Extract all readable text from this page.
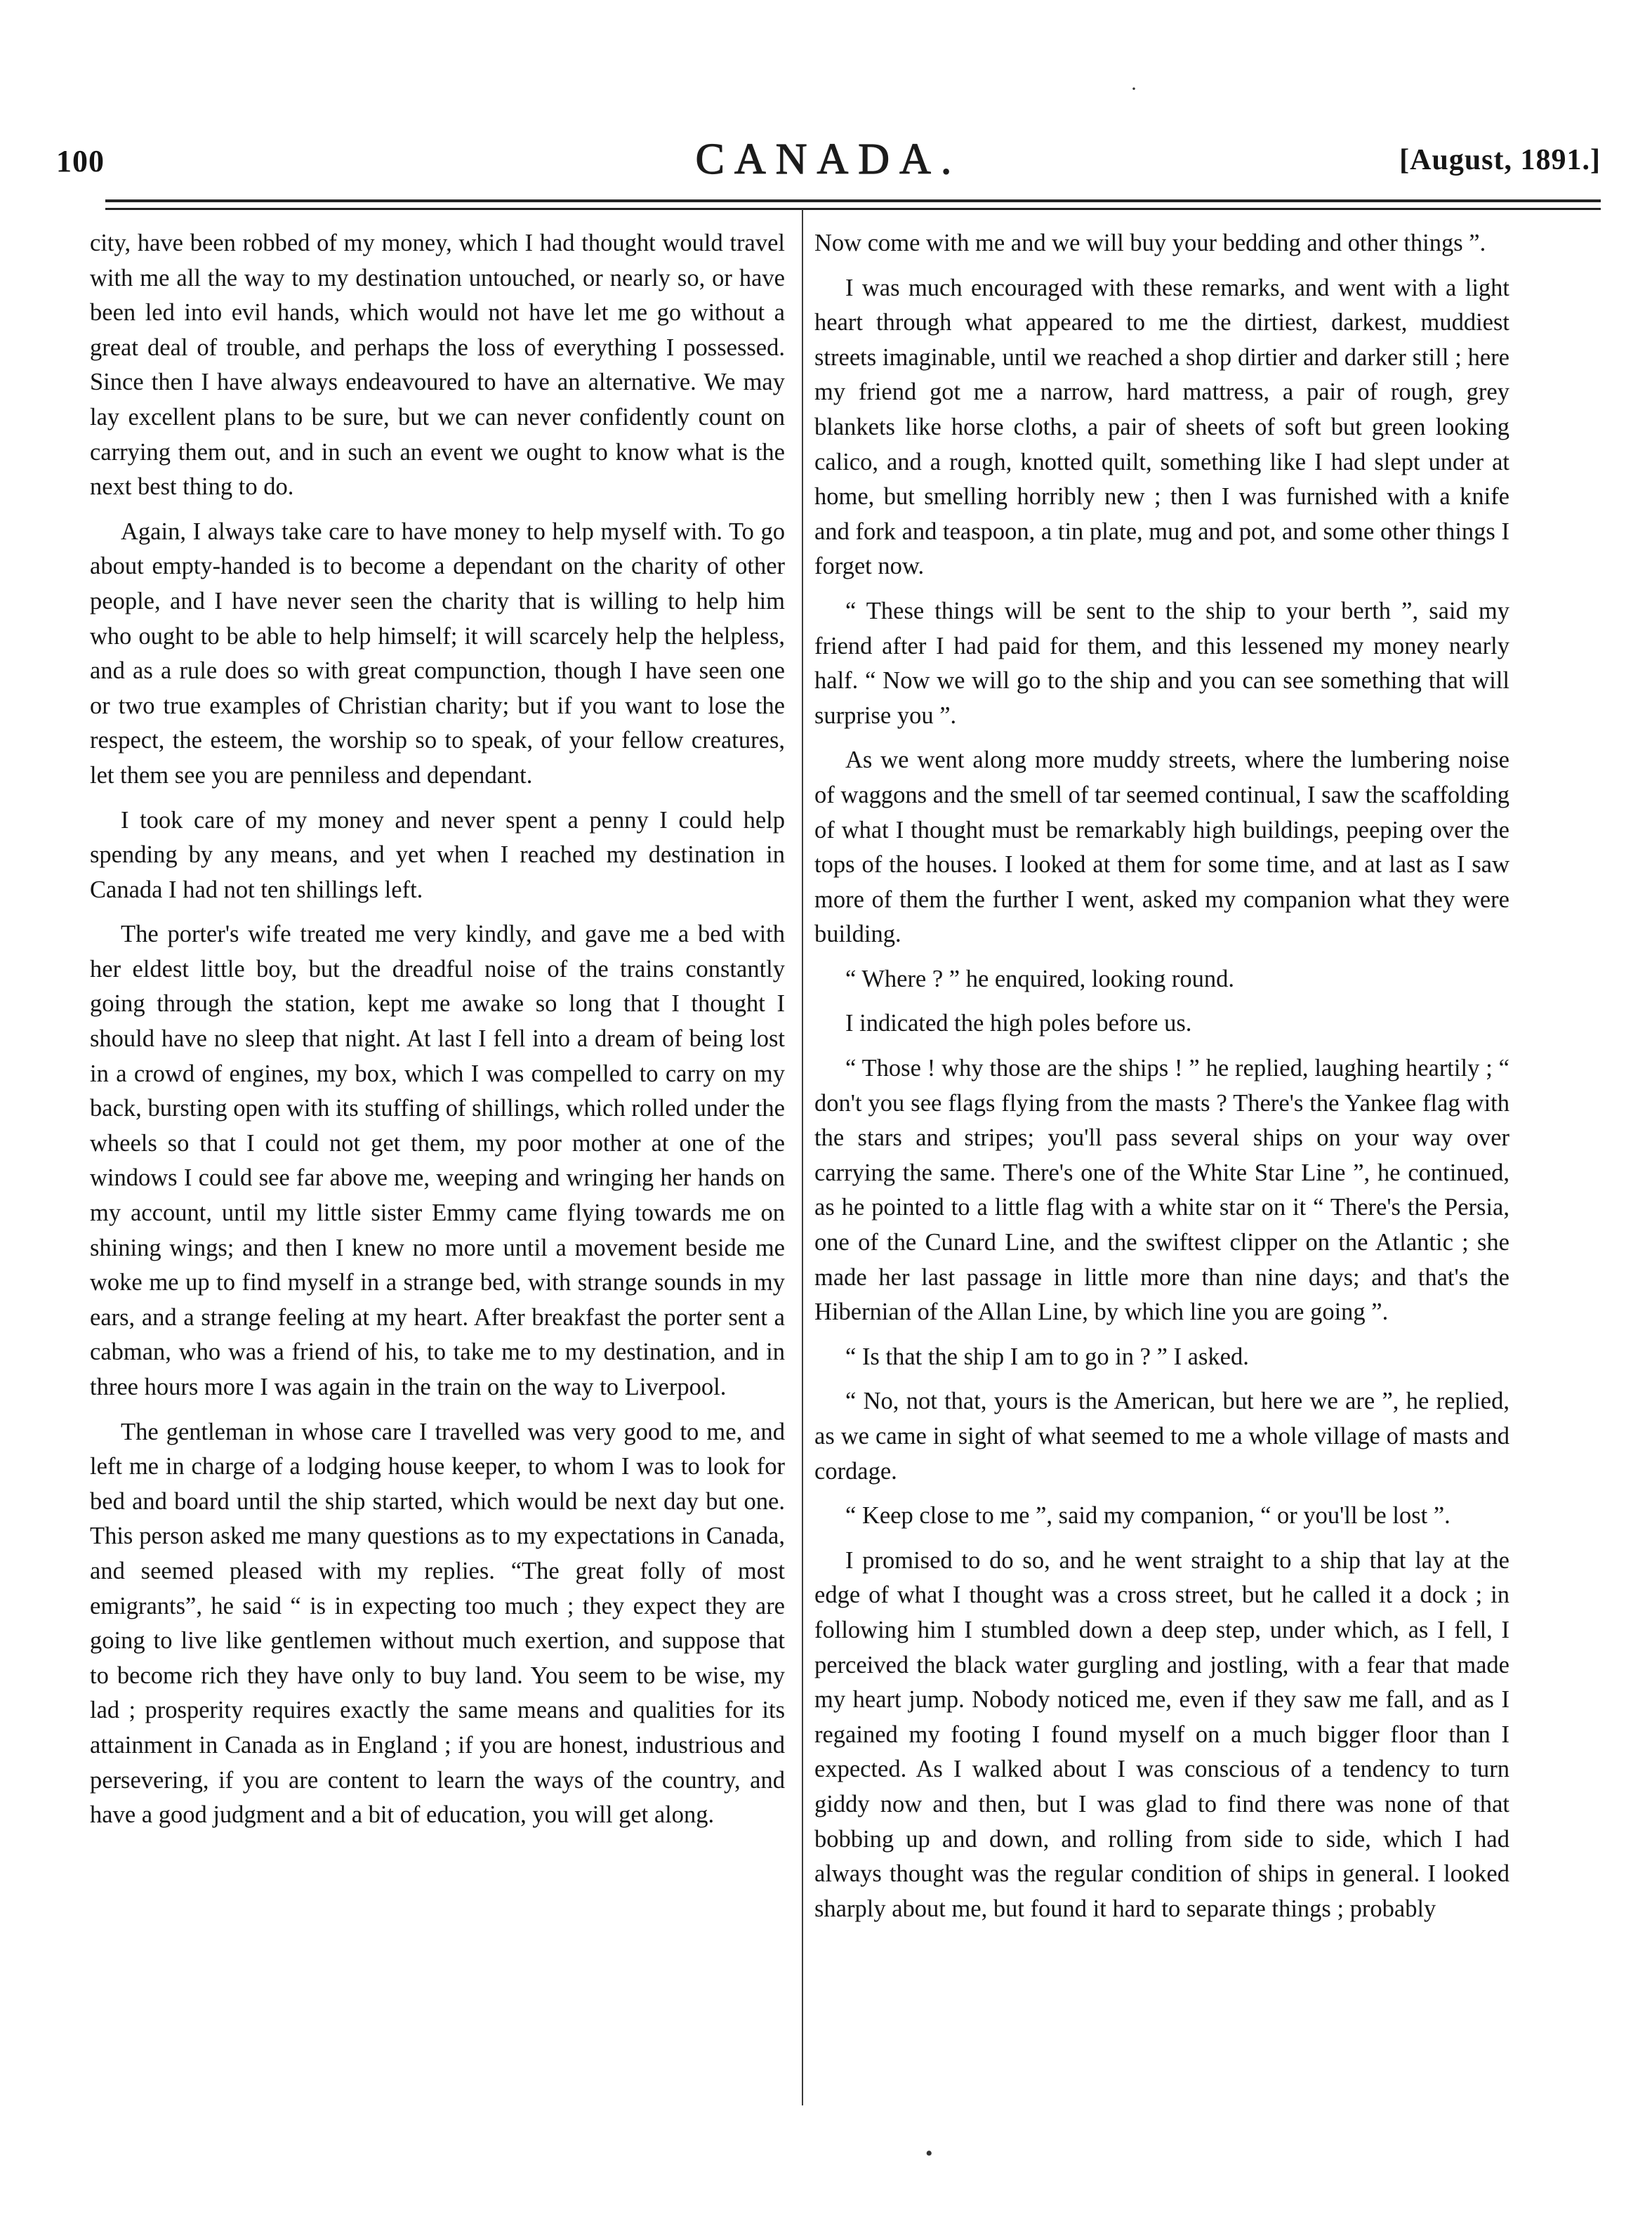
100	CANADA.	[August, 1891.]

city, have been robbed of my money, which I had thought would travel with me all the way to my destination untouched, or nearly so, or have been led into evil hands, which would not have let me go without a great deal of trouble, and perhaps the loss of everything I possessed. Since then I have always endeavoured to have an alternative. We may lay excellent plans to be sure, but we can never confidently count on carrying them out, and in such an event we ought to know what is the next best thing to do.

Again, I always take care to have money to help myself with. To go about empty-handed is to become a dependant on the charity of other people, and I have never seen the charity that is willing to help him who ought to be able to help himself; it will scarcely help the helpless, and as a rule does so with great compunction, though I have seen one or two true examples of Christian charity; but if you want to lose the respect, the esteem, the worship so to speak, of your fellow creatures, let them see you are penniless and dependant.

I took care of my money and never spent a penny I could help spending by any means, and yet when I reached my destination in Canada I had not ten shillings left.

The porter's wife treated me very kindly, and gave me a bed with her eldest little boy, but the dreadful noise of the trains constantly going through the station, kept me awake so long that I thought I should have no sleep that night. At last I fell into a dream of being lost in a crowd of engines, my box, which I was compelled to carry on my back, bursting open with its stuffing of shillings, which rolled under the wheels so that I could not get them, my poor mother at one of the windows I could see far above me, weeping and wringing her hands on my account, until my little sister Emmy came flying towards me on shining wings; and then I knew no more until a movement beside me woke me up to find myself in a strange bed, with strange sounds in my ears, and a strange feeling at my heart. After breakfast the porter sent a cabman, who was a friend of his, to take me to my destination, and in three hours more I was again in the train on the way to Liverpool.

The gentleman in whose care I travelled was very good to me, and left me in charge of a lodging house keeper, to whom I was to look for bed and board until the ship started, which would be next day but one. This person asked me many questions as to my expectations in Canada, and seemed pleased with my replies. “The great folly of most emigrants”, he said “ is in expecting too much ; they expect they are going to live like gentlemen without much exertion, and suppose that to become rich they have only to buy land. You seem to be wise, my lad ; prosperity requires exactly the same means and qualities for its attainment in Canada as in England ; if you are honest, industrious and persevering, if you are content to learn the ways of the country, and have a good judgment and a bit of education, you will get along.

Now come with me and we will buy your bedding and other things ”.

I was much encouraged with these remarks, and went with a light heart through what appeared to me the dirtiest, darkest, muddiest streets imaginable, until we reached a shop dirtier and darker still ; here my friend got me a narrow, hard mattress, a pair of rough, grey blankets like horse cloths, a pair of sheets of soft but green looking calico, and a rough, knotted quilt, something like I had slept under at home, but smelling horribly new ; then I was furnished with a knife and fork and teaspoon, a tin plate, mug and pot, and some other things I forget now.

“ These things will be sent to the ship to your berth ”, said my friend after I had paid for them, and this lessened my money nearly half. “ Now we will go to the ship and you can see something that will surprise you ”.

As we went along more muddy streets, where the lumbering noise of waggons and the smell of tar seemed continual, I saw the scaffolding of what I thought must be remarkably high buildings, peeping over the tops of the houses. I looked at them for some time, and at last as I saw more of them the further I went, asked my companion what they were building.

“ Where ? ” he enquired, looking round.

I indicated the high poles before us.

“ Those ! why those are the ships ! ” he replied, laughing heartily ; “ don't you see flags flying from the masts ? There's the Yankee flag with the stars and stripes; you'll pass several ships on your way over carrying the same. There's one of the White Star Line ”, he continued, as he pointed to a little flag with a white star on it “ There's the Persia, one of the Cunard Line, and the swiftest clipper on the Atlantic ; she made her last passage in little more than nine days; and that's the Hibernian of the Allan Line, by which line you are going ”.

“ Is that the ship I am to go in ? ” I asked.

“ No, not that, yours is the American, but here we are ”, he replied, as we came in sight of what seemed to me a whole village of masts and cordage.

“ Keep close to me ”, said my companion, “ or you'll be lost ”.

I promised to do so, and he went straight to a ship that lay at the edge of what I thought was a cross street, but he called it a dock ; in following him I stumbled down a deep step, under which, as I fell, I perceived the black water gurgling and jostling, with a fear that made my heart jump. Nobody noticed me, even if they saw me fall, and as I regained my footing I found myself on a much bigger floor than I expected. As I walked about I was conscious of a tendency to turn giddy now and then, but I was glad to find there was none of that bobbing up and down, and rolling from side to side, which I had always thought was the regular condition of ships in general. I looked sharply about me, but found it hard to separate things ; probably

·
•
